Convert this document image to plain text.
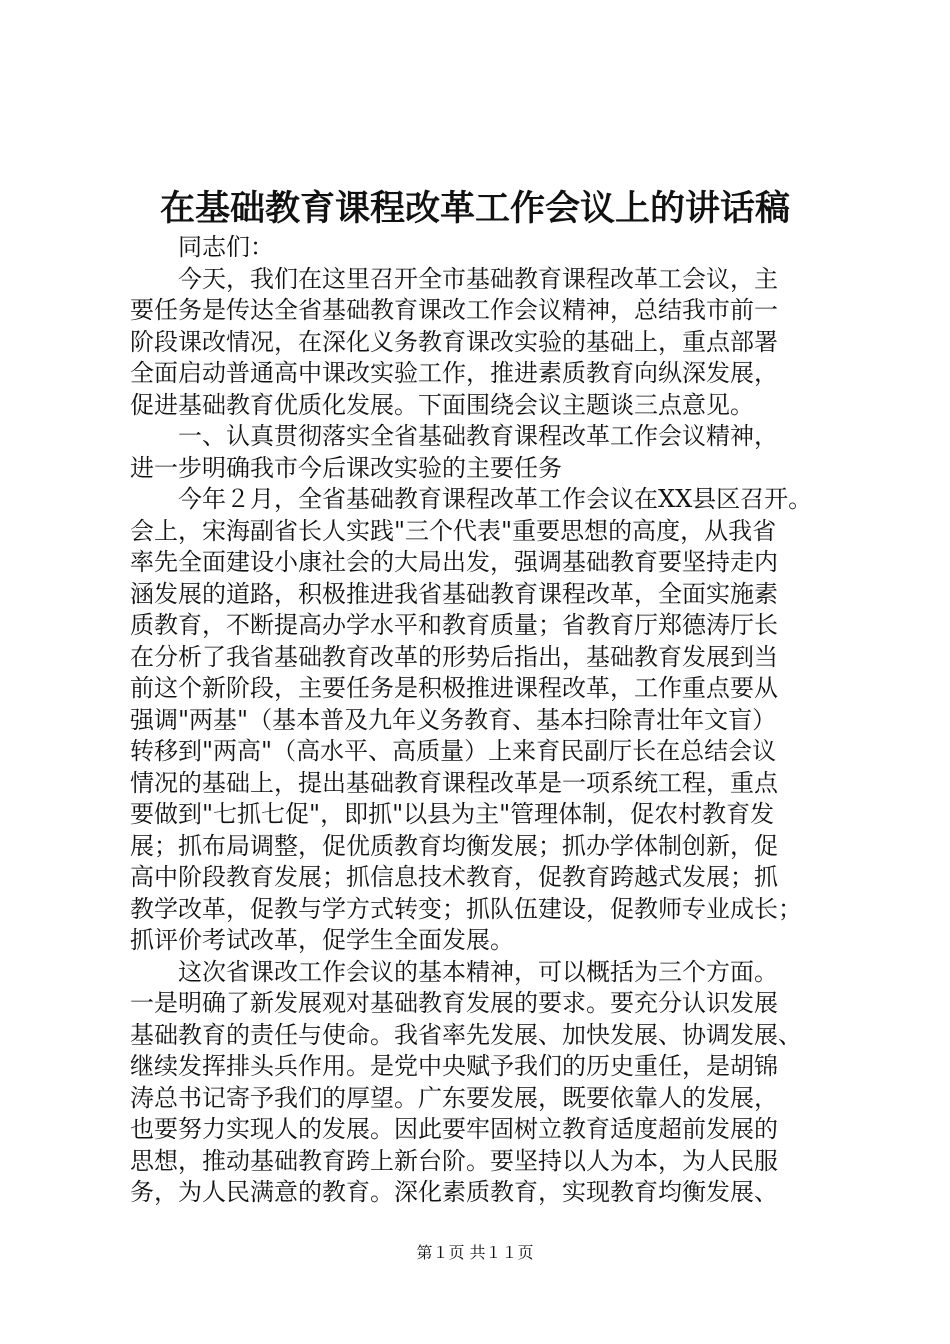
在基础教育课程改革工作会议上的讲话稿
同志们：
今天，我们在这里召开全市基础教育课程改革工会议，主
要任务是传达全省基础教育课改工作会议精神，总结我市前一
阶段课改情况，在深化义务教育课改实验的基础上，重点部署
全面启动普通高中课改实验工作，推进素质教育向纵深发展，
促进基础教育优质化发展。下面围绕会议主题谈三点意见。
一、认真贯彻落实全省基础教育课程改革工作会议精神，
进一步明确我市今后课改实验的主要任务
今年２月，全省基础教育课程改革工作会议在XX县区召开。
会上，宋海副省长人实践"三个代表"重要思想的高度，从我省
率先全面建设小康社会的大局出发，强调基础教育要坚持走内
涵发展的道路，积极推进我省基础教育课程改革，全面实施素
质教育，不断提高办学水平和教育质量；省教育厅郑德涛厅长
在分析了我省基础教育改革的形势后指出，基础教育发展到当
前这个新阶段，主要任务是积极推进课程改革，工作重点要从
强调"两基"（基本普及九年义务教育、基本扫除青壮年文盲）
转移到"两高"（高水平、高质量）上来育民副厅长在总结会议
情况的基础上，提出基础教育课程改革是一项系统工程，重点
要做到"七抓七促"，即抓"以县为主"管理体制，促农村教育发
展；抓布局调整，促优质教育均衡发展；抓办学体制创新，促
高中阶段教育发展；抓信息技术教育，促教育跨越式发展；抓
教学改革，促教与学方式转变；抓队伍建设，促教师专业成长；
抓评价考试改革，促学生全面发展。
这次省课改工作会议的基本精神，可以概括为三个方面。
一是明确了新发展观对基础教育发展的要求。要充分认识发展
基础教育的责任与使命。我省率先发展、加快发展、协调发展、
继续发挥排头兵作用。是党中央赋予我们的历史重任，是胡锦
涛总书记寄予我们的厚望。广东要发展，既要依靠人的发展，
也要努力实现人的发展。因此要牢固树立教育适度超前发展的
思想，推动基础教育跨上新台阶。要坚持以人为本，为人民服
务，为人民满意的教育。深化素质教育，实现教育均衡发展、
第１页 共１１页
